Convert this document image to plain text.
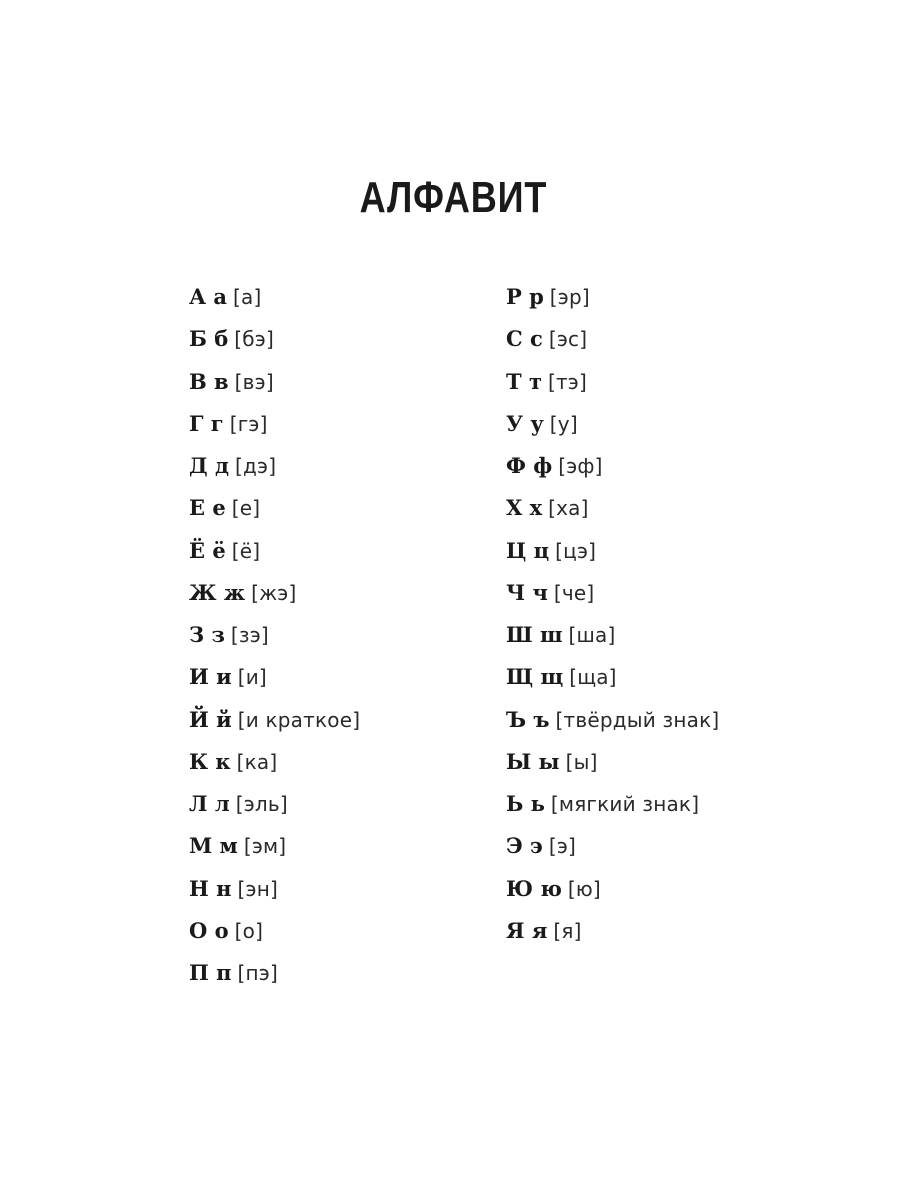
АЛФАВИТ
А а [а]
Б б [бэ]
В в [вэ]
Г г [гэ]
Д д [дэ]
Е е [е]
Ё ё [ё]
Ж ж [жэ]
З з [зэ]
И и [и]
Й й [и краткое]
К к [ка]
Л л [эль]
М м [эм]
Н н [эн]
О о [о]
П п [пэ]
Р р [эр]
С с [эс]
Т т [тэ]
У у [у]
Ф ф [эф]
Х х [ха]
Ц ц [цэ]
Ч ч [че]
Ш ш [ша]
Щ щ [ща]
Ъ ъ [твёрдый знак]
Ы ы [ы]
Ь ь [мягкий знак]
Э э [э]
Ю ю [ю]
Я я [я]
